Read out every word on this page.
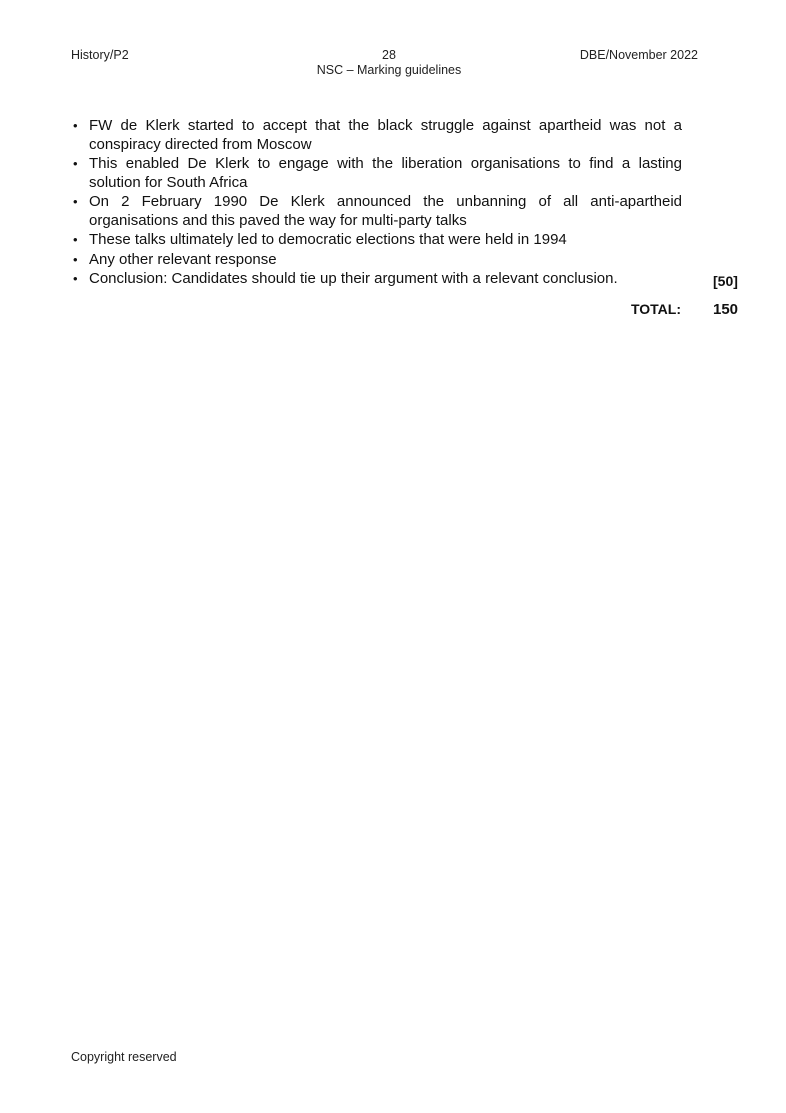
History/P2	28
NSC – Marking guidelines
DBE/November 2022
• FW de Klerk started to accept that the black struggle against apartheid was not a conspiracy directed from Moscow
• This enabled De Klerk to engage with the liberation organisations to find a lasting solution for South Africa
• On 2 February 1990 De Klerk announced the unbanning of all anti-apartheid organisations and this paved the way for multi-party talks
• These talks ultimately led to democratic elections that were held in 1994
• Any other relevant response
• Conclusion: Candidates should tie up their argument with a relevant conclusion.	[50]
TOTAL: 150
Copyright reserved
